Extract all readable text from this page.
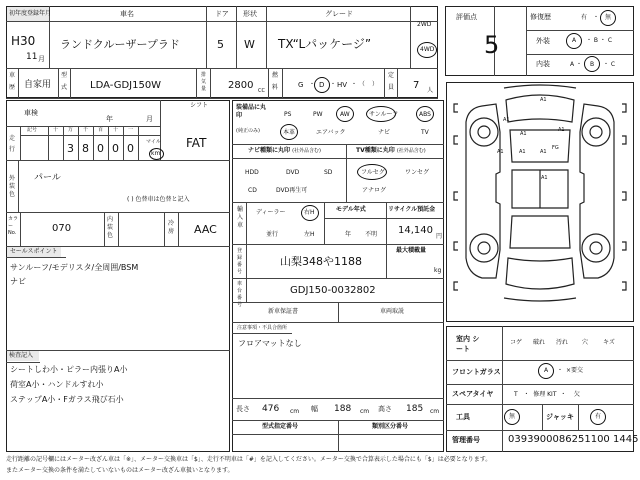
初年度登録年月
H30
11 月
車名
ランドクルーザープラド
ドア
5
形状
W
グレード
TX“Lパッケージ”
2WD
4WD
車
歴 自家用
型
式 LDA-GDJ150W
排気量 2800 CC
燃
料	G ・ D ・ HV ・ （ ）
定
員 7 人
評価点
5
修復歴	有 ・ 無
外装	A ・ B ・ C
内装	A ・ B ・ C
車検
年	月
シフト
走
行
記号	十 万 千 百 十 一
3 8 0 0 0 マイル
km
FAT
外装色
パール
( ) 色替車は色替と記入
カラーNo.	070
内装色
冷房 AAC
セールスポイント
サンルーフ/モデリスタ/全周囲/BSM
ナビ
検査記入
シートしわ小・ピラー内張りA小
荷室A小・ハンドルすれ小
ステップA小・Fガラス飛び石小
装備品に丸印
(純正のみ)
PS	PW	AW	サンルーフ	ABS
本革	エアバック	ナビ	TV
ナビ種類に丸印 (社外品含む)	TV種類に丸印 (社外品含む)
HDD	DVD	SD
CD	DVD再生可
フルセグ	ワンセグ
アナログ
輸入車
ディーラー	右H
並行	左H
モデル年式
年 不明
リサイクル預託金
14,140
円
登録番号
山梨348や1188
最大積載量
kg
車台番号
GDJ150-0032802
新車保証書	車両取説
注意事項・不具合箇所
フロアマットなし
長さ 476 cm 幅 188 cm 高さ 185 cm
型式指定番号	類別区分番号
A1
A1
A1
A1
A1	A1	A1
FG
A1
室内 シート
コゲ 破れ 汚れ 穴 キズ
フロントガラス	A ・ ×要交
スペアタイヤ	T   ・  修理 KIT  ・    欠
工具	無	ジャッキ	有
管理番号	0393900086251100 1445
走行距離の記号欄にはメーター改ざん車は「※」、メーター交換車は「$」、走行不明車は「#」を記入してください。メーター交換で合算表示した場合にも「$」は必要となります。
またメーター交換の条件を満たしていないものはメーター改ざん車扱いとなります。
